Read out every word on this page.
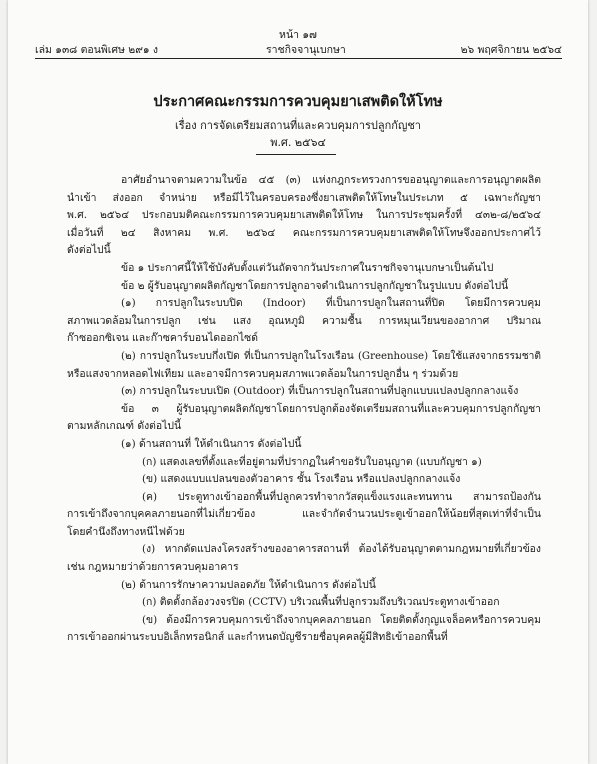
หน้า ๑๗
เล่ม ๑๓๘ ตอนพิเศษ ๒๙๑ ง	ราชกิจจานุเบกษา	๒๖ พฤศจิกายน ๒๕๖๔
ประกาศคณะกรรมการควบคุมยาเสพติดให้โทษ
เรื่อง การจัดเตรียมสถานที่และควบคุมการปลูกกัญชา
พ.ศ. ๒๕๖๔
อาศัยอำนาจตามความในข้อ ๔๕ (๓) แห่งกฎกระทรวงการขออนุญาตและการอนุญาตผลิต
นำเข้า ส่งออก จำหน่าย หรือมีไว้ในครอบครองซึ่งยาเสพติดให้โทษในประเภท ๕ เฉพาะกัญชา
พ.ศ. ๒๕๖๔ ประกอบมติคณะกรรมการควบคุมยาเสพติดให้โทษ ในการประชุมครั้งที่ ๔๓๒-๘/๒๕๖๔
เมื่อวันที่ ๒๔ สิงหาคม พ.ศ. ๒๕๖๔ คณะกรรมการควบคุมยาเสพติดให้โทษจึงออกประกาศไว้
ดังต่อไปนี้
ข้อ ๑ ประกาศนี้ให้ใช้บังคับตั้งแต่วันถัดจากวันประกาศในราชกิจจานุเบกษาเป็นต้นไป
ข้อ ๒ ผู้รับอนุญาตผลิตกัญชาโดยการปลูกอาจดำเนินการปลูกกัญชาในรูปแบบ ดังต่อไปนี้
(๑) การปลูกในระบบปิด (Indoor) ที่เป็นการปลูกในสถานที่ปิด โดยมีการควบคุม
สภาพแวดล้อมในการปลูก เช่น แสง อุณหภูมิ ความชื้น การหมุนเวียนของอากาศ ปริมาณ
ก๊าซออกซิเจน และก๊าซคาร์บอนไดออกไซด์
(๒) การปลูกในระบบกึ่งเปิด ที่เป็นการปลูกในโรงเรือน (Greenhouse) โดยใช้แสงจากธรรมชาติ
หรือแสงจากหลอดไฟเทียม และอาจมีการควบคุมสภาพแวดล้อมในการปลูกอื่น ๆ ร่วมด้วย
(๓) การปลูกในระบบเปิด (Outdoor) ที่เป็นการปลูกในสถานที่ปลูกแบบแปลงปลูกกลางแจ้ง
ข้อ ๓ ผู้รับอนุญาตผลิตกัญชาโดยการปลูกต้องจัดเตรียมสถานที่และควบคุมการปลูกกัญชา
ตามหลักเกณฑ์ ดังต่อไปนี้
(๑) ด้านสถานที่ ให้ดำเนินการ ดังต่อไปนี้
(ก) แสดงเลขที่ตั้งและที่อยู่ตามที่ปรากฏในคำขอรับใบอนุญาต (แบบกัญชา ๑)
(ข) แสดงแบบแปลนของตัวอาคาร ชั้น โรงเรือน หรือแปลงปลูกกลางแจ้ง
(ค) ประตูทางเข้าออกพื้นที่ปลูกควรทำจากวัสดุแข็งแรงและทนทาน สามารถป้องกัน
การเข้าถึงจากบุคคลภายนอกที่ไม่เกี่ยวข้อง และจำกัดจำนวนประตูเข้าออกให้น้อยที่สุดเท่าที่จำเป็น
โดยคำนึงถึงทางหนีไฟด้วย
(ง) หากดัดแปลงโครงสร้างของอาคารสถานที่ ต้องได้รับอนุญาตตามกฎหมายที่เกี่ยวข้อง
เช่น กฎหมายว่าด้วยการควบคุมอาคาร
(๒) ด้านการรักษาความปลอดภัย ให้ดำเนินการ ดังต่อไปนี้
(ก) ติดตั้งกล้องวงจรปิด (CCTV) บริเวณพื้นที่ปลูกรวมถึงบริเวณประตูทางเข้าออก
(ข) ต้องมีการควบคุมการเข้าถึงจากบุคคลภายนอก โดยติดตั้งกุญแจล็อคหรือการควบคุม
การเข้าออกผ่านระบบอิเล็กทรอนิกส์ และกำหนดบัญชีรายชื่อบุคคลผู้มีสิทธิเข้าออกพื้นที่
